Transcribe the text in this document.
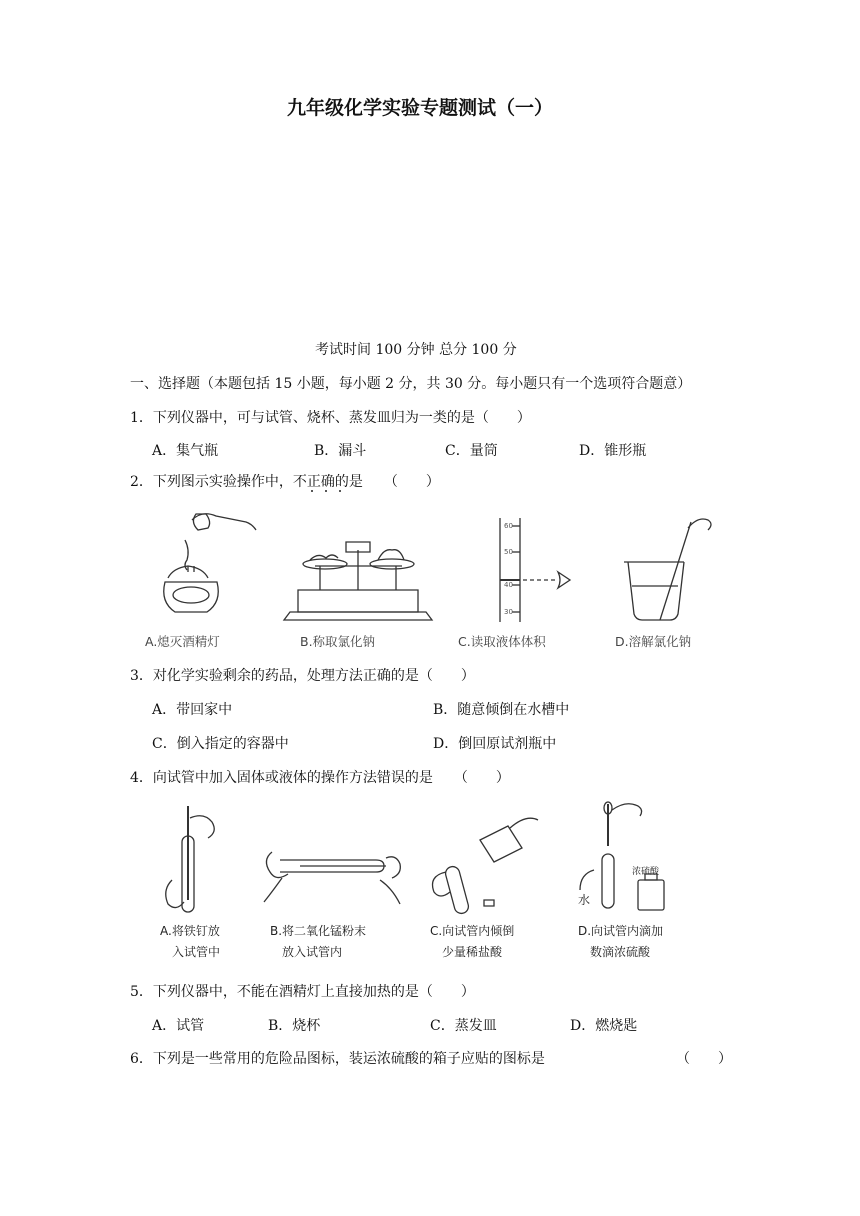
九年级化学实验专题测试（一）
考试时间 100 分钟 总分 100 分
一、选择题（本题包括 15 小题，每小题 2 分，共 30 分。每小题只有一个选项符合题意）
1．下列仪器中，可与试管、烧杯、蒸发皿归为一类的是（　　）
A．集气瓶	B．漏斗	C．量筒	D．锥形瓶
2．下列图示实验操作中，不正确的是　　（　　）
60
50
40
30
A.熄灭酒精灯	B.称取氯化钠	C.读取液体体积	D.溶解氯化钠
3．对化学实验剩余的药品，处理方法正确的是（　　）
A．带回家中	B．随意倾倒在水槽中
C．倒入指定的容器中	D．倒回原试剂瓶中
4．向试管中加入固体或液体的操作方法错误的是　　（　　）
水
浓硫酸
A.将铁钉放
入试管中
B.将二氧化锰粉末
放入试管内
C.向试管内倾倒
少量稀盐酸
D.向试管内滴加
数滴浓硫酸
5．下列仪器中，不能在酒精灯上直接加热的是（　　）
A．试管	B．烧杯	C．蒸发皿	D．燃烧匙
6．下列是一些常用的危险品图标，装运浓硫酸的箱子应贴的图标是	（　　）
